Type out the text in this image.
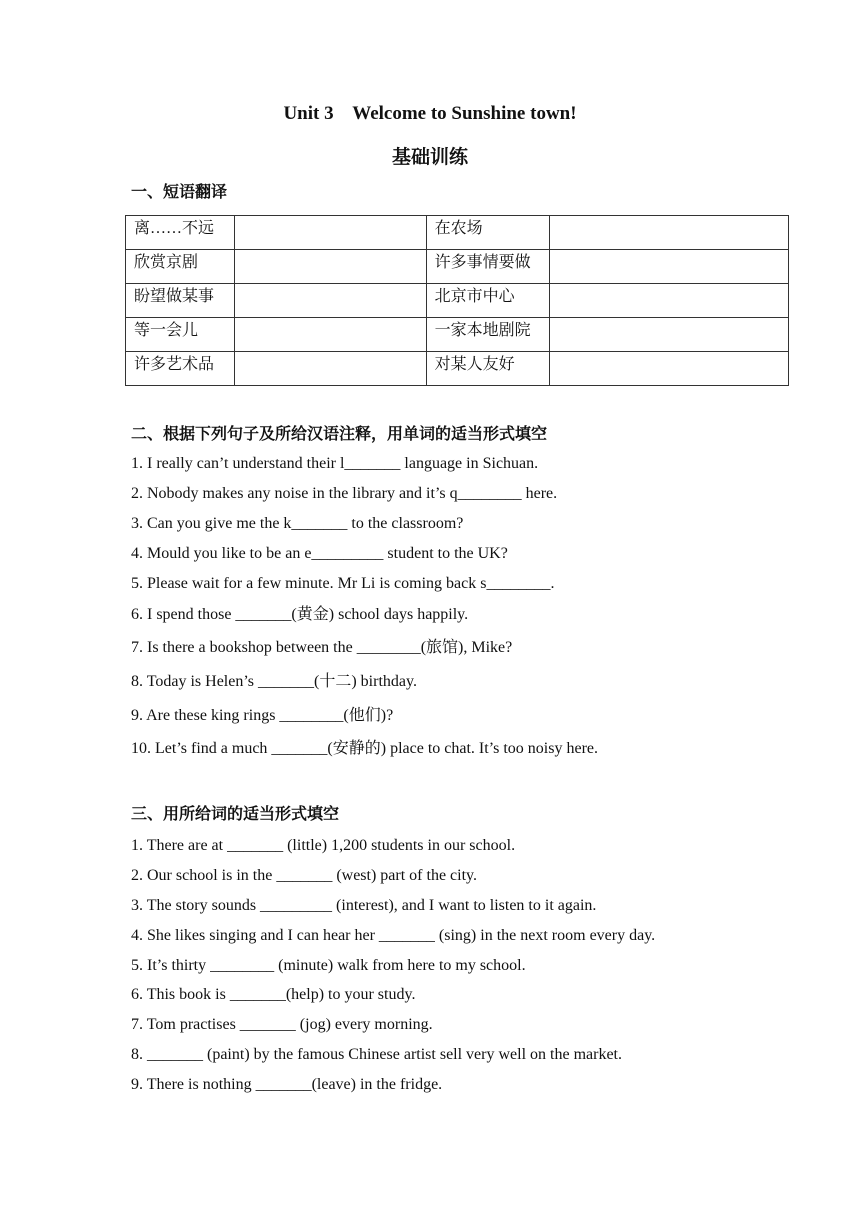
Unit 3    Welcome to Sunshine town!
基础训练
一、短语翻译
离……不远		在农场	
欣赏京剧		许多事情要做	
盼望做某事		北京市中心	
等一会儿		一家本地剧院	
许多艺术品		对某人友好	
二、根据下列句子及所给汉语注释，用单词的适当形式填空
1. I really can’t understand their l_______ language in Sichuan.
2. Nobody makes any noise in the library and it’s q________ here.
3. Can you give me the k_______ to the classroom?
4. Mould you like to be an e_________ student to the UK?
5. Please wait for a few minute. Mr Li is coming back s________.
6. I spend those _______(黄金) school days happily.
7. Is there a bookshop between the ________(旅馆), Mike?
8. Today is Helen’s _______(十二) birthday.
9. Are these king rings ________(他们)?
10. Let’s find a much _______(安静的) place to chat. It’s too noisy here.
三、用所给词的适当形式填空
1. There are at _______ (little) 1,200 students in our school.
2. Our school is in the _______ (west) part of the city.
3. The story sounds _________ (interest), and I want to listen to it again.
4. She likes singing and I can hear her _______ (sing) in the next room every day.
5. It’s thirty ________ (minute) walk from here to my school.
6. This book is _______(help) to your study.
7. Tom practises _______ (jog) every morning.
8. _______ (paint) by the famous Chinese artist sell very well on the market.
9. There is nothing _______(leave) in the fridge.
